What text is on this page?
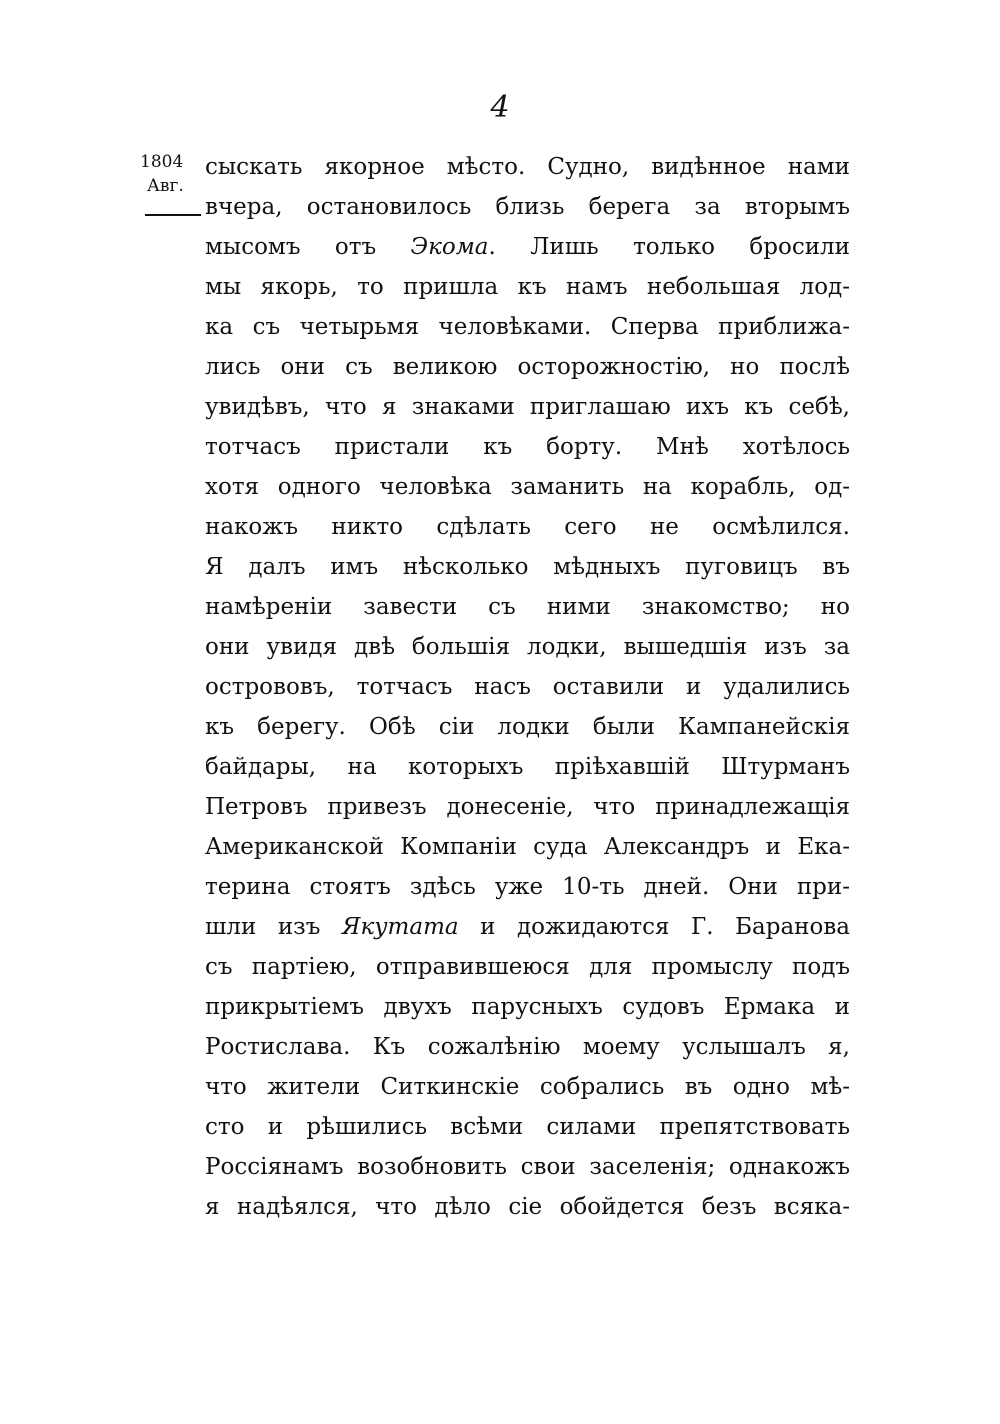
4
1804
Авг.
сыскать якорное мѣсто. Судно, видѣнное нами
вчера, остановилось близь берега за вторымъ
мысомъ отъ Экома. Лишь только бросили
мы якорь, то пришла къ намъ небольшая лод-
ка съ четырьмя человѣками. Сперва приближа-
лись они съ великою осторожностію, но послѣ
увидѣвъ, что я знаками приглашаю ихъ къ себѣ,
тотчасъ пристали къ борту. Мнѣ хотѣлось
хотя одного человѣка заманить на корабль, од-
накожъ никто сдѣлать сего не осмѣлился.
Я далъ имъ нѣсколько мѣдныхъ пуговицъ въ
намѣреніи завести съ ними знакомство; но
они увидя двѣ большія лодки, вышедшія изъ за
островoвъ, тотчасъ насъ оставили и удалились
къ берегу. Обѣ сіи лодки были Кампанейскія
байдары, на которыхъ пріѣхавшій Штурманъ
Петровъ привезъ донесеніе, что принадлежащія
Американской Компаніи суда Александръ и Ека-
терина стоятъ здѣсь уже 10-ть дней. Они при-
шли изъ Якутата и дожидаются Г. Баранова
съ партіею, отправившеюся для промыслу подъ
прикрытіемъ двухъ парусныхъ судовъ Ермака и
Ростислава. Къ сожалѣнію моему услышалъ я,
что жители Ситкинскіе собрались въ одно мѣ-
сто и рѣшились всѣми силами препятствовать
Россіянамъ возобновить свои заселенія; однакожъ
я надѣялся, что дѣло сіе обойдется безъ всяка-
